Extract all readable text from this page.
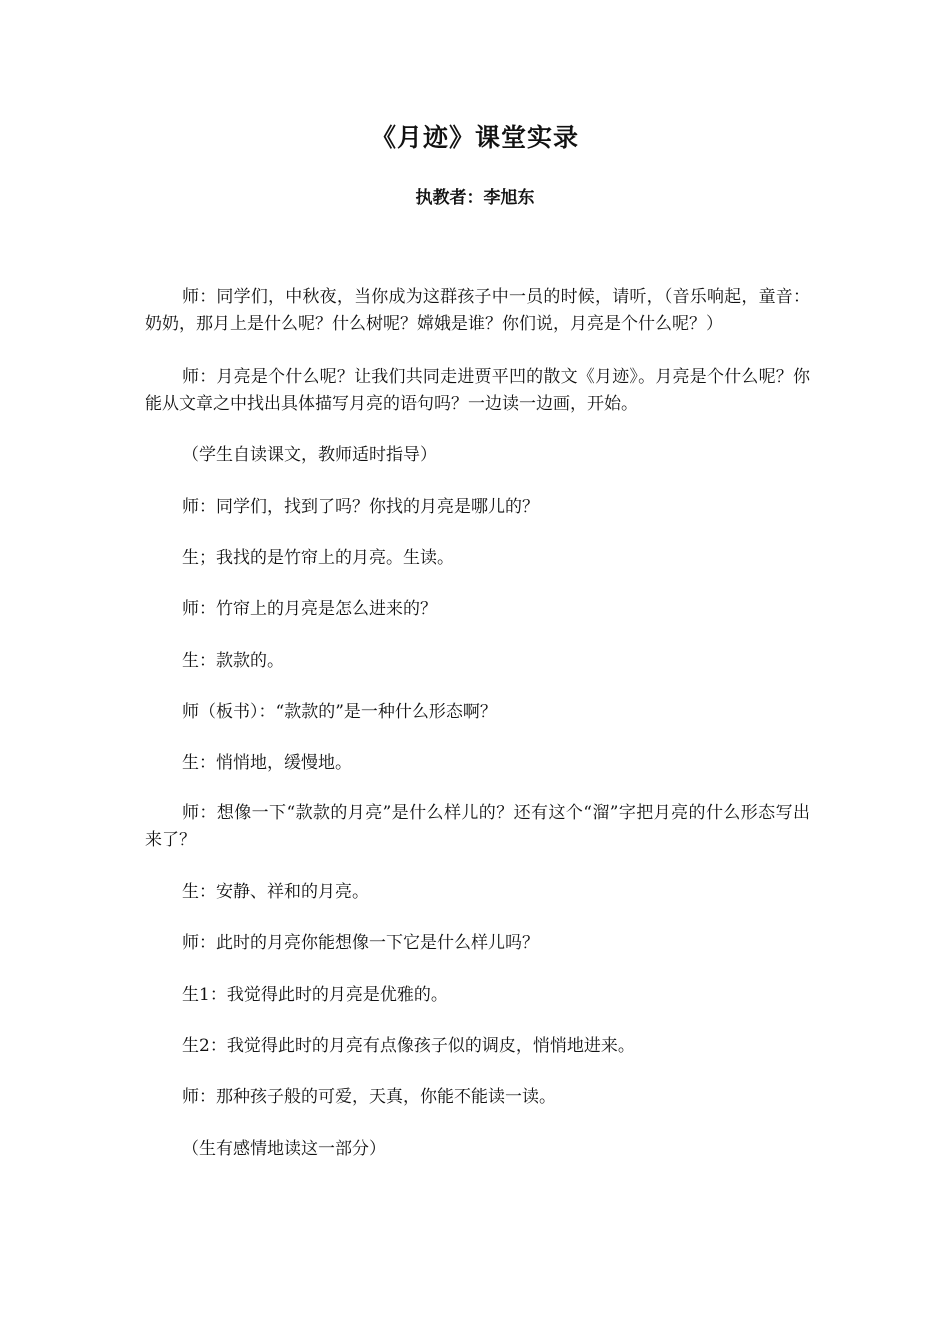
《月迹》课堂实录

执教者：李旭东

师：同学们，中秋夜，当你成为这群孩子中一员的时候，请听，（音乐响起，童音：奶奶，那月上是什么呢？什么树呢？嫦娥是谁？你们说，月亮是个什么呢？）

师：月亮是个什么呢？让我们共同走进贾平凹的散文《月迹》。月亮是个什么呢？你能从文章之中找出具体描写月亮的语句吗？一边读一边画，开始。

（学生自读课文，教师适时指导）

师：同学们，找到了吗？你找的月亮是哪儿的？

生；我找的是竹帘上的月亮。生读。

师：竹帘上的月亮是怎么进来的？

生：款款的。

师（板书）：“款款的”是一种什么形态啊？

生：悄悄地，缓慢地。

师：想像一下“款款的月亮”是什么样儿的？还有这个“溜”字把月亮的什么形态写出来了？

生：安静、祥和的月亮。

师：此时的月亮你能想像一下它是什么样儿吗？

生1：我觉得此时的月亮是优雅的。

生2：我觉得此时的月亮有点像孩子似的调皮，悄悄地进来。

师：那种孩子般的可爱，天真，你能不能读一读。

（生有感情地读这一部分）
